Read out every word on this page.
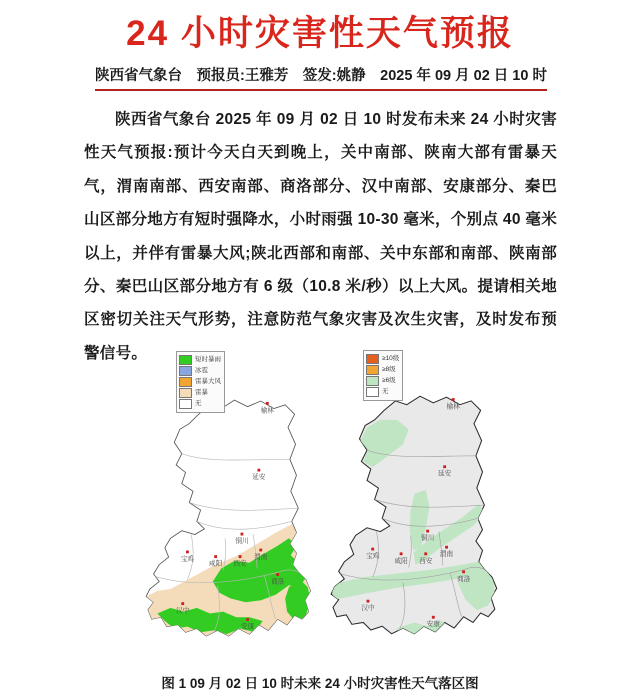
24 小时灾害性天气预报
陕西省气象台 预报员:王雅芳 签发:姚静 2025 年 09 月 02 日 10 时

陕西省气象台 2025 年 09 月 02 日 10 时发布未来 24 小时灾害性天气预报:预计今天白天到晚上，关中南部、陕南大部有雷暴天气，渭南南部、西安南部、商洛部分、汉中南部、安康部分、秦巴山区部分地方有短时强降水，小时雨强 10-30 毫米，个别点 40 毫米以上，并伴有雷暴大风;陕北西部和南部、关中东部和南部、陕南部分、秦巴山区部分地方有 6 级（10.8 米/秒）以上大风。提请相关地区密切关注天气形势，注意防范气象灾害及次生灾害，及时发布预警信号。

榆林
延安
铜川
渭南
宝鸡
咸阳 西安
商洛
汉中
安康
短时暴雨
冰雹
雷暴大风
雷暴
无
榆林
延安
铜川
渭南
宝鸡
咸阳 西安
商洛
汉中
安康
≥10级
≥8级
≥6级
无
图 1 09 月 02 日 10 时未来 24 小时灾害性天气落区图
